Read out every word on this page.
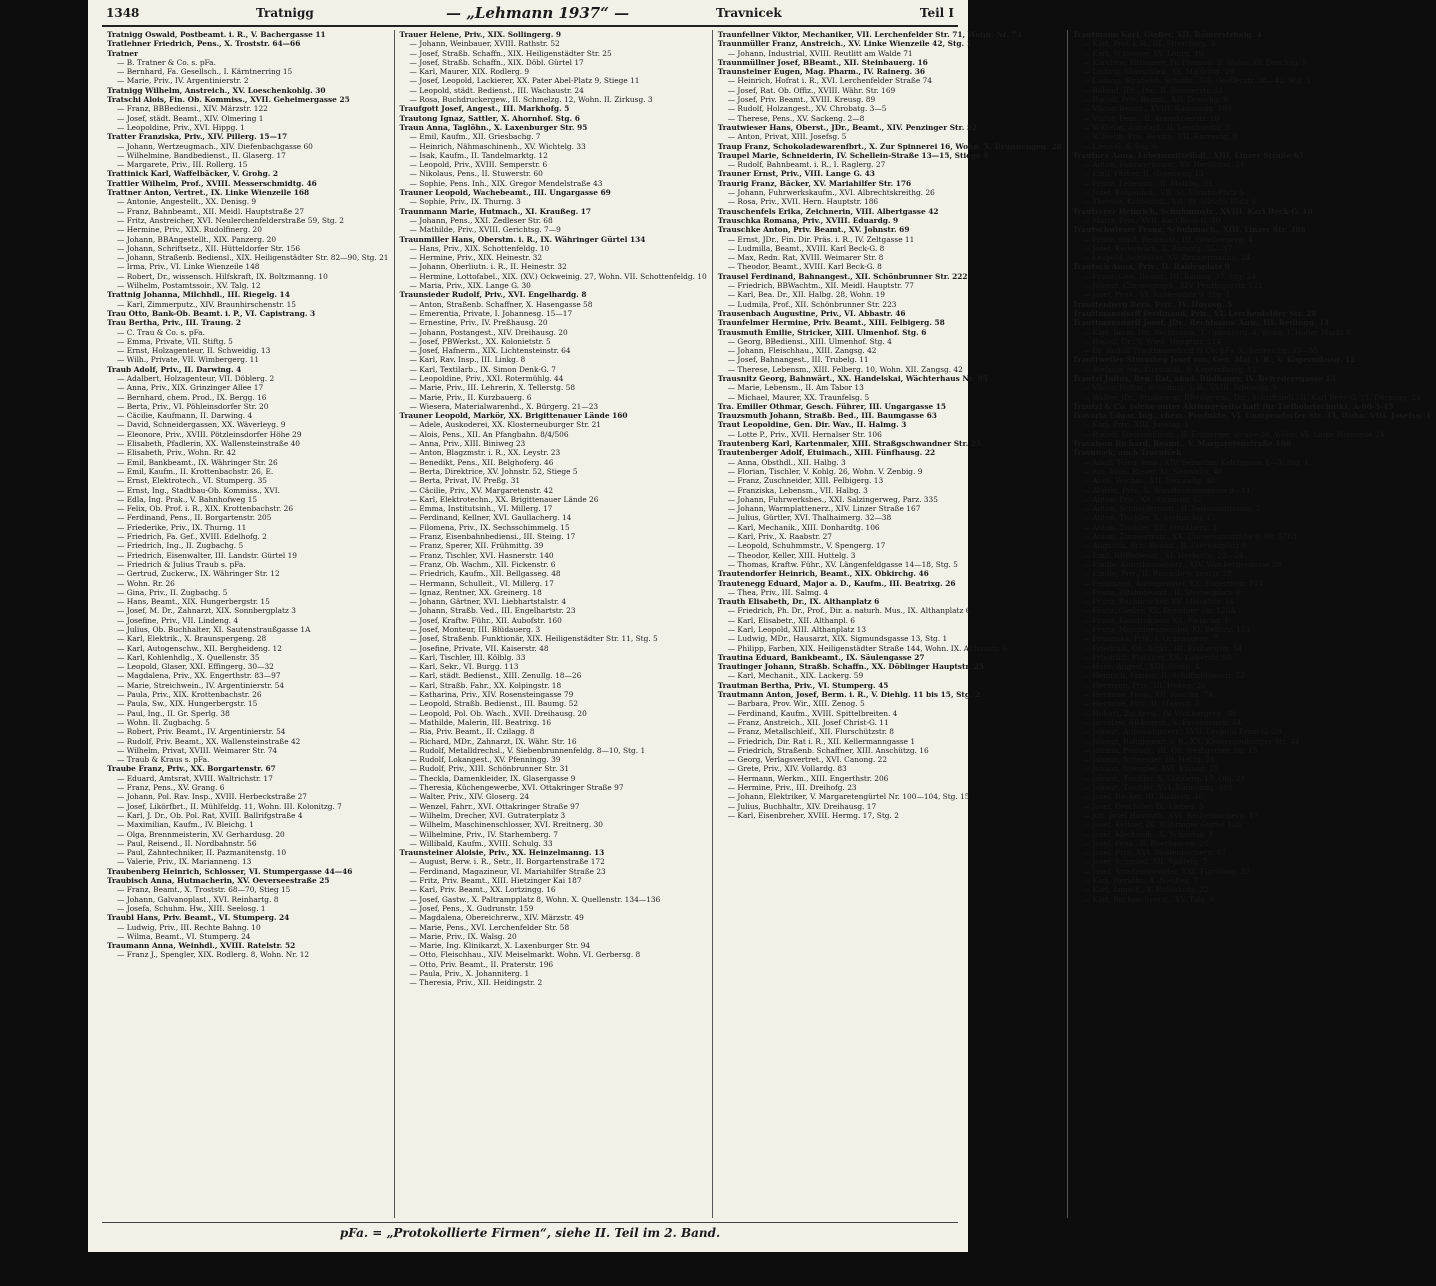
1348	Tratnigg	— „Lehmann 1937“ —	Travnicek	Teil I
Tratnigg Oswald, Postbeamt. i. R., V. Bachergasse 11
Tratlehner Friedrich, Pens., X. Troststr. 64—66
Tratner
— B. Tratner & Co. s. pFa.
— Bernhard, Fa. Gesellsch., I. Kärntnerring 15
— Marie, Priv., IV. Argentinierstr. 2
Tratnigg Wilhelm, Anstreich., XV. Loeschenkohlg. 30
Tratschi Alois, Fin. Ob. Kommiss., XVII. Geheimergasse 25
— Franz, BBBediensi., XIV. Märzstr. 122
— Josef, städt. Beamt., XIV. Olmering 1
— Leopoldine, Priv., XVI. Hippg. 1
Tratter Franziska, Priv., XIV. Pillerg. 15—17
— Johann, Wertzeugmach., XIV. Diefenbachgasse 60
— Wilhelmine, Bandbedienst., II. Glaserg. 17
— Margarete, Priv., III. Rollerg. 15
Trattinick Karl, Waffelbäcker, V. Grohg. 2
Trattler Wilhelm, Prof., XVIII. Messerschmidtg. 46
Trattner Anton, Vertret., IX. Linke Wienzeile 168
— Antonie, Angestellt., XX. Denisg. 9
— Franz, Bahnbeamt., XII. Meidl. Hauptstraße 27
— Fritz, Anstreicher, XVI. Neulerchenfelderstraße 59, Stg. 2
— Hermine, Priv., XIX. Rudolfinerg. 20
— Johann, BBAngestellt., XIX. Panzerg. 20
— Johann, Schriftsetz., XII. Hütteldorfer Str. 156
— Johann, Straßenb. Bediensl., XIX. Heiligenstädter Str. 82—90, Stg. 21
— Irma, Priv., VI. Linke Wienzeile 148
— Robert, Dr., wissensch. Hilfskraft, IX. Boltzmanng. 10
— Wilhelm, Postamtssoir., XV. Talg. 12
Trattnig Johanna, Milchhdl., III. Riegelg. 14
— Karl, Zimmerputz., XIV. Braunhirschenstr. 15
Trau Otto, Bank-Ob. Beamt. i. P., VI. Capistrang. 3
Trau Bertha, Priv., III. Traung. 2
— C. Trau & Co. s. pFa.
— Emma, Private, VII. Stiftg. 5
— Ernst, Holzagenteur, II. Schweidig. 13
— Wilh., Private, VII. Wimbergerg. 11
Traub Adolf, Priv., II. Darwing. 4
— Adalbert, Holzagenteur, VII. Döblerg. 2
— Anna, Priv., XIX. Grinzinger Allee 17
— Bernhard, chem. Prod., IX. Bergg. 16
— Berta, Priv., VI. Pöhleinsdorfer Str. 20
— Cäcilie, Kaufmann, II. Darwing. 4
— David, Schneidergassen, XX. Wäverleyg. 9
— Eleonore, Priv., XVIII. Pötzleinsdorfer Höhe 29
— Elisabeth, Pfadlerin, XX. Wallensteinstraße 40
— Elisabeth, Priv., Wohn. Rr. 42
— Emil, Bankbeamt., IX. Währinger Str. 26
— Emil, Kaufm., II. Krottenbachstr. 26, E.
— Ernst, Elektrotech., VI. Stumperg. 35
— Ernst, Ing., Stadtbau-Ob. Kommiss., XVI.
— Edla, Ing. Prak., V. Bahnhofweg 15
— Felix, Ob. Prof. i. R., XIX. Krottenbachstr. 26
— Ferdinand, Pens., II. Borgartenstr. 205
— Friederike, Priv., IX. Thurng. 11
— Friedrich, Fa. Gef., XVIII. Edelhofg. 2
— Friedrich, Ing., II. Zugbachg. 5
— Friedrich, Eisenwalter, III. Landstr. Gürtel 19
— Friedrich & Julius Traub s. pFa.
— Gertrud, Zuckerw., IX. Währinger Str. 12
— Wohn. Rr. 26
— Gina, Priv., II. Zugbachg. 5
— Hans, Beamt., XIX. Hungerbergstr. 15
— Josef, M. Dr., Zahnarzt, XIX. Sonnbergplatz 3
— Josefine, Priv., VII. Lindeng. 4
— Julius, Ob. Buchhalter, XI. Sautenstraußgasse 1A
— Karl, Elektrik., X. Braunspergeng. 28
— Karl, Autogenschw., XII. Bergheideng. 12
— Karl, Kohlenhdlg., X. Quellenstr. 35
— Leopold, Glaser, XXI. Effingerg. 30—32
— Magdalena, Priv., XX. Engerthstr. 83—97
— Marie, Streichwein., IV. Argentinierstr. 54
— Paula, Priv., XIX. Krottenbachstr. 26
— Paula, Sw., XIX. Hungerbergstr. 15
— Paul, Ing., II. Gr. Sperlg. 38
— Wohn. II. Zugbachg. 5
— Robert, Priv. Beamt., IV. Argentinierstr. 54
— Rudolf, Priv. Beamt., XX. Wallensteinstraße 42
— Wilhelm, Privat, XVIII. Weimarer Str. 74
— Traub & Kraus s. pFa.
Traube Franz, Priv., XX. Borgartenstr. 67
— Eduard, Amtsrat, XVIII. Waltrichstr. 17
— Franz, Pens., XV. Grang. 6
— Johann, Pol. Rav. Insp., XVIII. Herbeckstraße 27
— Josef, Likörfbrt., II. Mühlfeldg. 11, Wohn. III. Kolonitzg. 7
— Karl, J. Dr., Ob. Pol. Rat, XVIII. Ballrifgstraße 4
— Maximilian, Kaufm., IV. Bleichg. 1
— Olga, Brennmeisterin, XV. Gerhardusg. 20
— Paul, Reisend., II. Nordbahnstr. 56
— Paul, Zahntechniker, II. Pazmanitenstg. 10
— Valerie, Priv., IX. Marianneng. 13
Traubenberg Heinrich, Schlosser, VI. Stumpergasse 44—46
Traubisch Anna, Hutmacherin, XV. Oeverseestraße 25
— Franz, Beamt., X. Troststr. 68—70, Stieg 15
— Johann, Galvanoplast., XVI. Reinhartg. 8
— Josefa, Schuhm. Hw., XIII. Seelosg. 1
Traubl Hans, Priv. Beamt., VI. Stumperg. 24
— Ludwig, Priv., III. Rechte Bahng. 10
— Wilma, Beamt., VI. Stumperg. 24
Traumann Anna, Weinhdl., XVIII. Ratelstr. 52
— Franz J., Spengler, XIX. Rodlerg. 8, Wohn. Nr. 12
Trauer Helene, Priv., XIX. Sollingerg. 9
— Johann, Weinbauer, XVIII. Rathstr. 52
— Josef, Straßb. Schaffn., XIX. Heiligenstädter Str. 25
— Josef, Straßb. Schaffn., XIX. Döbl. Gürtel 17
— Karl, Maurer, XIX. Rodlerg. 9
— Josef, Leopold, Lackierer, XX. Pater Abel-Platz 9, Stiege 11
— Leopold, städt. Bedienst., III. Wachaustr. 24
— Rosa, Buchdruckergew., II. Schmelzg. 12, Wohn. II. Zirkusg. 3
Traufgott Josef, Angest., III. Markhofg. 5
Trautong Ignaz, Sattler, X. Ahornhof. Stg. 6
Traun Anna, Taglöhn., X. Laxenburger Str. 95
— Emil, Kaufm., XII. Griesbachg. 7
— Heinrich, Nähmaschinenh., XV. Wichtelg. 33
— Isak, Kaufm., II. Tandelmarktg. 12
— Leopold, Priv., XVIII. Semperstr. 6
— Nikolaus, Pens., II. Stuwerstr. 60
— Sophie, Pens. Inh., XIX. Gregor Mendelstraße 43
Trauner Leopold, Wachebeamt., III. Ungargasse 69
— Sophie, Priv., IX. Thurng. 3
Traunmann Marie, Hutmach., XI. Kraußeg. 17
— Johann, Pens., XXI. Zedleser Str. 68
— Mathilde, Priv., XVIII. Gerichtsg. 7—9
Traunmiller Hans, Oberstm. i. R., IX. Währinger Gürtel 134
— Hans, Priv., XIX. Schottenfeldg. 10
— Hermine, Priv., XIX. Heinestr. 32
— Johann, Oberliutn. i. R., II. Heinestr. 32
— Hermine, Lottofabel., XIX. (XV.) Ockweinig. 27, Wohn. VII. Schottenfeldg. 10
— Maria, Priv., XIX. Lange G. 30
Traunsieder Rudolf, Priv., XVI. Engelhardg. 8
— Anton, Straßenb. Schaffner, X. Hasengasse 58
— Emerentia, Private, I. Johannesg. 15—17
— Ernestine, Priv., IV. Preßhausg. 20
— Johann, Postangest., XIV. Dreihausg. 20
— Josef, PBWerkst., XX. Kolonietstr. 5
— Josef, Hafnerm., XIX. Lichtensteinstr. 64
— Karl, Rav. Insp., III. Linkg. 8
— Karl, Textilarb., IX. Simon Denk-G. 7
— Leopoldine, Priv., XXI. Rotermühlg. 44
— Marie, Priv., III. Lehrerin, X. Tellerstg. 58
— Marie, Priv., II. Kurzbauerg. 6
— Wiesera, Materialwarenhd., X. Bürgerg. 21—23
Trauner Leopold, Markör, XX. Brigittenauer Lände 160
— Adele, Auskoderei, XX. Klosterneuburger Str. 21
— Alois, Pens., XII. An Pfangbahn. 8/4/506
— Anna, Priv., XIII. Biniweg 23
— Anton, Blagzmstr. i. R., XX. Leystr. 23
— Benedikt, Pens., XII. Belghoferg. 46
— Berta, Direktrice, XV. Johnstr. 52, Stiege 5
— Berta, Privat, IV. Preßg. 31
— Cäcilie, Priv., XV. Margaretenstr. 42
— Karl, Elektrotechn., XX. Brigittenauer Lände 26
— Emma, Institutsinh., VI. Millerg. 17
— Ferdinand, Kellner, XVI. Gaullacherg. 14
— Filomena, Priv., IX. Sechsschimmelg. 15
— Franz, Eisenbahnbediensi., III. Steing. 17
— Franz, Sperer, XII. Frühmittg. 39
— Franz, Tischler, XVI. Hasnerstr. 140
— Franz, Ob. Wachm., XII. Fickenstr. 6
— Friedrich, Kaufm., XII. Bellgasseg. 48
— Hermann, Schulleit., VI. Millerg. 17
— Ignaz, Rentner, XX. Greinerg. 18
— Johann, Gärtner, XVI. Liebhartstalstr. 4
— Johann, Straßb. Ved., III. Engelhartstr. 23
— Josef, Kraftw. Führ., XII. Aubofstr. 160
— Josef, Monteur, III. Blüdauerg. 3
— Josef, Straßenb. Funktionär, XIX. Heiligenstädter Str. 11, Stg. 5
— Josefine, Private, VII. Kaiserstr. 48
— Karl, Tischler, III. Kölblg. 33
— Karl, Sekr., VI. Burgg. 113
— Karl, städt. Bedienst., XIII. Zenullg. 18—26
— Karl, Straßb. Fahr., XX. Kolpingstr. 18
— Katharina, Priv., XIV. Rosensteingasse 79
— Leopold, Straßb. Bedienst., III. Baumg. 52
— Leopold, Pol. Ob. Wach., XVII. Dreihausg. 20
— Mathilde, Malerin, III. Beatrixg. 16
— Ria, Priv. Beamt., II. Czilagg. 8
— Richard, MDr., Zahnarzt, IX. Währ. Str. 16
— Rudolf, Metalldrechsl., V. Siebenbrunnenfeldg. 8—10, Stg. 1
— Rudolf, Lokangest., XV. Pfenningg. 39
— Rudolf, Priv., XIII. Schönbrunner Str. 31
— Theckla, Damenkleider, IX. Glasergasse 9
— Theresia, Küchengewerbe, XVI. Ottakringer Straße 97
— Walter, Priv., XIV. Gloserg. 24
— Wenzel, Fahrr., XVI. Ottakringer Straße 97
— Wilhelm, Drecher, XVI. Gutraterplatz 3
— Wilhelm, Maschinenschlosser, XVI. Rreitnerg. 30
— Wilhelmine, Priv., IV. Starhemberg. 7
— Willibald, Kaufm., XVIII. Schulg. 33
Traunsteiner Aloisie, Priv., XX. Heinzelmanng. 13
— August, Berw. i. R., Setr., II. Borgartenstraße 172
— Ferdinand, Magazineur, VI. Mariahilfer Straße 23
— Fritz, Priv. Beamt., XIII. Hietzinger Kai 187
— Karl, Priv. Beamt., XX. Lortzingg. 16
— Josef, Gastw., X. Paltrampplatz 8, Wohn. X. Quellenstr. 134—136
— Josef, Pens., X. Gudrunstr. 159
— Magdalena, Obereichrerw., XIV. Märzstr. 49
— Marie, Pens., XVI. Lerchenfelder Str. 58
— Marie, Priv., IX. Walsg. 20
— Marie, Ing. Klinikarzt, X. Laxenburger Str. 94
— Otto, Fleischhau., XIV. Meiselmarkt. Wohn. VI. Gerbersg. 8
— Otto, Priv. Beamt., II. Praterstr. 196
— Paula, Priv., X. Johanniterg. 1
— Theresia, Priv., XII. Heidingstr. 2
Traunfellner Viktor, Mechaniker, VII. Lerchenfelder Str. 71, Wohn. Nr. 73
Traunmüller Franz, Anstreich., XV. Linke Wienzeile 42, Stg. 1
— Johann, Industrial, XVIII. Reutlitt am Walde 71
Traunmüllner Josef, BBeamt., XII. Steinbauerg. 16
Traunsteiner Eugen, Mag. Pharm., IV. Rainerg. 36
— Heinrich, Hofrat i. R., XVI. Lerchenfelder Straße 74
— Josef, Rat. Ob. Offiz., XVIII. Währ. Str. 169
— Josef, Priv. Beamt., XVIII. Kreusg. 89
— Rudolf, Holzangest., XV. Chrobatg. 3—5
— Therese, Pens., XV. Sackeng. 2—8
Trautwieser Hans, Oberst., JDr., Beamt., XIV. Penzinger Str. 52
— Anton, Privat, XIII. Josefsg. 5
Traup Franz, Schokoladewarenfbrt., X. Zur Spinnerei 16, Wohn. X. Brunnengeg. 28
Traupel Marie, Schneiderin, IV. Schellein-Straße 13—15, Stiege 6
— Rudolf, Bahnbeamt. i. R., I. Raglerg. 27
Trauner Ernst, Priv., VIII. Lange G. 43
Traurig Franz, Bäcker, XV. Mariahilfer Str. 176
— Johann, Fuhrwerkskaufm., XVI. Albrechtskreithg. 26
— Rosa, Priv., XVII. Hern. Hauptstr. 186
Trauschenfels Erika, Zeichnerin, VIII. Albertgasse 42
Trauschka Romana, Priv., XVIII. Eduardg. 9
Trauschke Anton, Priv. Beamt., XV. Johnstr. 69
— Ernst, JDr., Fin. Dir. Präs. i. R., IV. Zeltgasse 11
— Ludmilla, Beamt., XVIII. Karl Beck-G. 8
— Max, Redn. Rat, XVIII. Weimarer Str. 8
— Theodor, Beamt., XVIII. Karl Beck-G. 8
Trausel Ferdinand, Bahnangest., XII. Schönbrunner Str. 222
— Friedrich, BBWachtm., XII. Meidl. Hauptstr. 77
— Karl, Bea. Dr., XII. Halbg. 28, Wohn. 19
— Ludmila, Prof., XII. Schönbrunner Str. 223
Trausenbach Augustine, Priv., VI. Abbastr. 46
Traunfelmer Hermine, Priv. Beamt., XIII. Felbigerg. 58
Trausmuth Emilie, Stricker, XIII. Ulmenhof. Stg. 6
— Georg, BBediensi., XIII. Ulmenhof. Stg. 4
— Johann, Fleischhau., XIII. Zangsg. 42
— Josef, Bahnangest., III. Trubelg. 11
— Therese, Lebensm., XIII. Felberg. 10, Wohn. XII. Zangsg. 42
Trausnitz Georg, Bahnwärt., XX. Handelskai, Wächterhaus Nr. 95
— Marie, Lebensm., II. Am Tabor 13
— Michael, Maurer, XX. Traunfelsg. 5
Tra. Emiller Othmar, Gesch. Führer, III. Ungargasse 15
Trauzsmuth Johann, Straßb. Bed., III. Baumgasse 63
Traut Leopoldine, Gen. Dir. Wav., II. Halmg. 3
— Lotte P., Priv., XVII. Hernalser Str. 106
Trautenberg Karl, Kartenmaler, XIII. Straßgschwandner Str. 25
Trautenberger Adolf, Etuimach., XIII. Fünfhausg. 22
— Anna, Obsthdl., XII. Halbg. 3
— Florian, Tischler, V. Kohlg. 26, Wohn. V. Zenbig. 9
— Franz, Zuschneider, XIII. Felbigerg. 13
— Franziska, Lebensm., VII. Halbg. 3
— Johann, Fuhrwerksbes., XXI. Salzingerweg, Parz. 335
— Johann, Warmplattenerz., XIV. Linzer Straße 167
— Julius, Gürtler, XVI. Thalhaimerg. 32—38
— Karl, Mechanik., XIII. Donhardtg. 106
— Karl, Priv., X. Raabstr. 27
— Leopold, Schuhmmstr., V. Spengerg. 17
— Theodor, Keller, XIII. Huttelg. 3
— Thomas, Kraftw. Führ., XV. Längenfeldgasse 14—18, Stg. 5
Trautendorfer Heinrich, Beamt., XIX. Obkirchg. 46
Trautenegg Eduard, Major a. D., Kaufm., III. Beatrixg. 26
— Thea, Priv., III. Salmg. 4
Trauth Elisabeth, Dr., IX. Althanplatz 6
— Friedrich, Ph. Dr., Prof., Dir. a. naturh. Mus., IX. Althanplatz 6
— Karl, Elisabetr., XII. Althanpl. 6
— Karl, Leopold, XIII. Althanplatz 13
— Ludwig, MDr., Hausarzt, XIX. Sigmundsgasse 13, Stg. 1
— Philipp, Farben, XIX. Heiligenstädter Straße 144, Wohn. IX. Althanstr. 6
Trautina Eduard, Bankbeamt., IX. Säulengasse 27
Trautinger Johann, Straßb. Schaffn., XX. Döblinger Hauptstr. 25
— Karl, Mechanit., XIX. Lackerg. 59
Trautman Bertha, Priv., VI. Stumperg. 45
Trautmann Anton, Josef, Berm. i. R., V. Diehlg. 11 bis 15, Stg. 2
— Barbara, Prov. Wir., XIII. Zenog. 5
— Ferdinand, Kaufm., XVIII. Spittelbreiten. 4
— Franz, Anstreich., XII. Josef Christ-G. 11
— Franz, Metallschleif., XII. Flurschützstr. 8
— Friedrich, Dir. Rat i. R., XII. Kellermanngasse 1
— Friedrich, Straßenb. Schaffner, XIII. Anschützg. 16
— Georg, Verlagsvertret., XVI. Canong. 22
— Grete, Priv., XIV. Vollardg. 83
— Hermann, Werkm., XIII. Engerthstr. 206
— Hermine, Priv., III. Dreihofg. 23
— Johann, Elektriker, V. Margaretengürtel Nr. 100—104, Stg. 15
— Julius, Buchhaltr., XIV. Dreihausg. 17
— Karl, Eisenbreher, XVIII. Hermg. 17, Stg. 2
Trautmann Karl, Gießer, XII. Römerstrhalg. 4
— Karl, Prof. i. R., III. Streicherg. 3
— Karl, Schlosser, XV. Löhrg. 19
— Karoline, Rittmalen, IV. Pleneng. 2, Wohn. XV. Drachsg. 5
— Ludwig, Glasschleif., IX. Malfattig. 20
— Ludwig, Straßenb. Schaffn., XII. Geißlerstr. 38—42, Stg. 3
— Roland, JDr., Dir., II. Reisnerstr. 34
— Rudolf, Priv. Beamt., XII. Draschg. 9
— Viktor, Beamt., XVIII. Raimundg. 199
— Viktor, Pens., II. Arenskoferstr. 10
— Wilhelm, Autotapl., II. Leonhardtg. 3
— Wilhelm, Priv. Beamt., VII. Kurrentg. 8
— Lienz-G. 6, Stg. 6
Trautner Anna, Lebensmittelhdl., XIII. Linzer Straße 67
— Anton, Fuhrwerksunt., XV. Herklotsg. 21
— Emil, Färber, II. Gotenweg 13
— Franz, Lebensm., II. Molkbg. 31
— Josef, Kohlenhdl., VII. St. Ulrichs-Platz 5
— Therese, Kohlenhdl., VII. St. Ulrichs-Platz 5
Trautrerer Heinrich, Schuhmmstr., XVIII. Karl Beck-G. 10
— Marie, Priv., XVII. Karl Beck-G. 10
Trautschwieser Franz, Schuhmach., XIII. Linzer Str. 386
— Franz, städt. Bedienst., III. Grasbergerg. 4
— Josef, Kellerwärt., X. Rampfg. 35—37
— Leopold, Schlosser, XV. Zimmermanng. 24
Trautsch Anna, Priv., II. Rahlesplatz 9
— Franz, Gew. Beamt., III. Baumg. 37, Stg. 24
— Johann, Chronograph., XIV. Penzingerstr. 121
— Josef, Pens., VI. Rahlesplatz 9, Stg. 1
Trauttenberg Bera, Priv., IV. Hoyosg. 5
Trauttmansdorff Ferdinand, Priv., VI. Lerchenfelder Str. 28
Trauttmansdorff Josef, JDr., Rechtsanw. Anw., III. Reilingg. 14
— Karl, Berm. Dir. Rechtsanw., I. Oppolzerg. 4, Wohn. I. Hoher Markt 8
— Rudolf, Dr., V. Wied. Hauptstr. 114
— Dr. Rudolf Trauttmansdorff & Co. pFa. X. Reilreichg. 33—35
Trauttweiler-Sturmbeg Josef von, Gen. Maj. i. R., V. Kopernikusg. 12
— Stefanie von, Kunstmal., V. Kopernikusg. 12
Trautzl Julius, Reg. Rat, akad. Bildhauer, IV. Belvederegasse 13
— Viktor, Hofrat, Schulinsp. i. R., XVIII. Edwardg. 9
— Walter, JDr., Studienrat, BRealgymn., Dir., Schriftstell., II. Karl Behr-G. 11, Dörnegg. 24
Trautzl & Co. (siehe unter Aktiengesellschaft für Tiefbohrtechnik), A-60-5-45
Travaria Edgar, Ing., chem. Produkte, VI. Gumpendorfer Str. 35, Wohn. VIII. Josefsg. 1
— Karl, Priv., XIII. Josefsg. 1
— Rudolf, Steinmeßmstr., II. Erdberger Straße 36, Wohn. VI. Linke Wienzeile 24
Travaison Richard, Beamt., V. Margaretenstraße 166
Travnicek, auch Travniček
— Adolf, Teleg. Insp., XIV. Sebastian Kelchgasse 1—3, Stg. 1
— jun. Alois, Rieser, XI. Neuwallg. 40
— Alois, Wachm., XII. Neuwallg. 40
— Aloisia, Priv., X. Wandbrunnengasse 9—11
— Anton, Priv., XX. Stromstr. 62
— Anton, Schneidermstr., II. Seitenstettenng. 2
— Anton, Tischler, X. Sörbaichg. 15
— Anton, Tischler, XII. Straßberg. 3
— Anton, Zimmermstr., XX. Universumstraße 8, Nr. 5763
— Augustin, Priv. Beamt., II. Sternedplatz 9
— Emil, BBBedienst., XI. Herbortg. 22—24
— Emilie, Kunstblumenerz., XIV. Wimbergergasse 28
— Emilie, Priv., II. Reichsbrückenstr. 28
— Ferdinand, Autospengler, XX. Engerthstr. 124
— Franz, BBahnbeamt., II. Sternedplatz 9
— Franz, Buchdrucker, XV. Meiselstr. 34
— Franz, Gießer, XX. Dresdner Str. 128A
— Franz, Konstrukteur, XX. Pielachg. 1
— Franz, Maschinenmeister, XI. Rehlstr. 153
— Franziska, Priv., I. Grünangerg. 7
— Friedrich, Ob. Adjkt., III. Erdbergstr. 54
— Friedrich, Platatier, XII. Kaiserstr. 90
— Hans, Angest., XIII. Stoßg. 4
— Heinrich, Friseur, II. Schiffmühlenstr. 53
— Hermann, Priv., III. Hekeg. 26
— Hermine, Pens., XII. Rauchg. 7A
— Hermine, Priv., II. Maxerg. 5
— Hubert, Zuckerw., IV. Wimbergerg. 38
— Jaroslaw, BBAngest., X. Favoritenstr. 84
— Johann, Automatunterr., XVII. Leopold Ernst-G. 29
— Johann, Bahnbeamt. i. R., XX. Klosterneuburger Str. 44
— Johann, Postadj., III. Ob. Weißgerber Str. 15
— Johann, Schneider, III. Hetzg. 26
— Johann, Spengler, XVI. Klausg. 25
— Johann, Tischler, X. Götzlerg. 17, Obj. 21
— Johann, Tischler, XVI. Raimundg. 199
— Josef, Bäcker, III. Rudferg. 46
— Josef, Drechsler, IX. Liebeg. 5
— jun. Josef Hilsoarb., XVI. Redtenbacherg. 17
— Josef, Kellner, IX. Währinger Gürtel 126
— Josef, Mechanik., X. Schautag. 1
— Josef, Pens., II. Boerhaaveg. 25
— Josef, Priv., XVI. Redtenbacherg. 17
— Josef, Schmied, XII. Spittelg. 7
— Josef, Straßenspengler, XXI. Floridusg. 32
— Karl, Werkfhr., X. Neußeg. 7
— Karl, Angest., X. Rotenhofg. 22
— Karl, Buchsachverst., XV. Talg. 6
pFa. = „Protokollierte Firmen“, siehe II. Teil im 2. Band.
